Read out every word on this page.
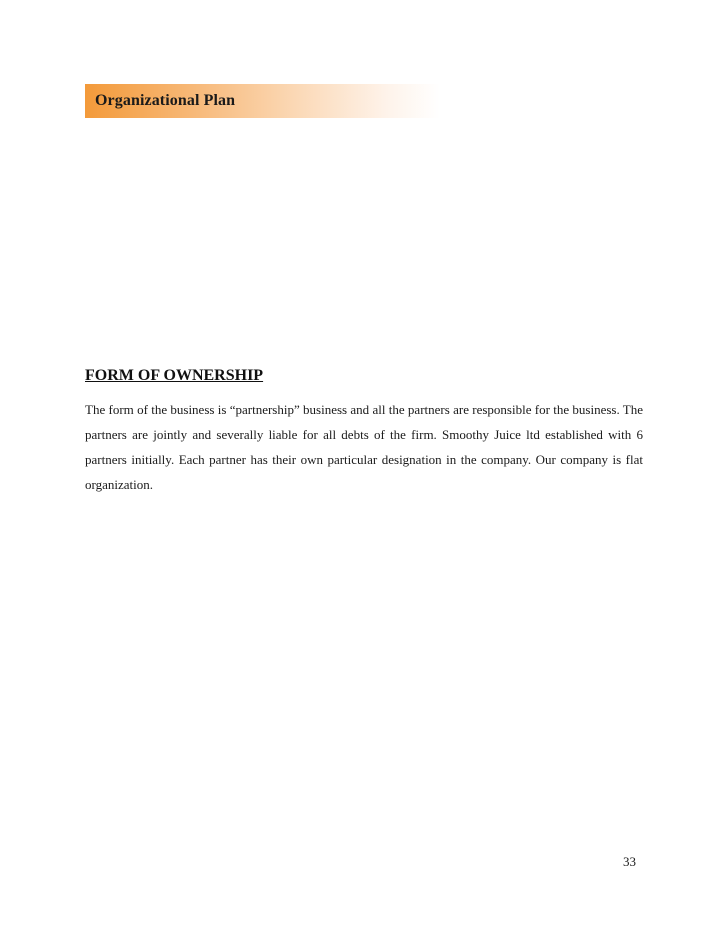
Organizational Plan
FORM OF OWNERSHIP

The form of the business is “partnership” business and all the partners are responsible for the business. The partners are jointly and severally liable for all debts of the firm. Smoothy Juice ltd established with 6 partners initially. Each partner has their own particular designation in the company. Our company is flat organization.

33
